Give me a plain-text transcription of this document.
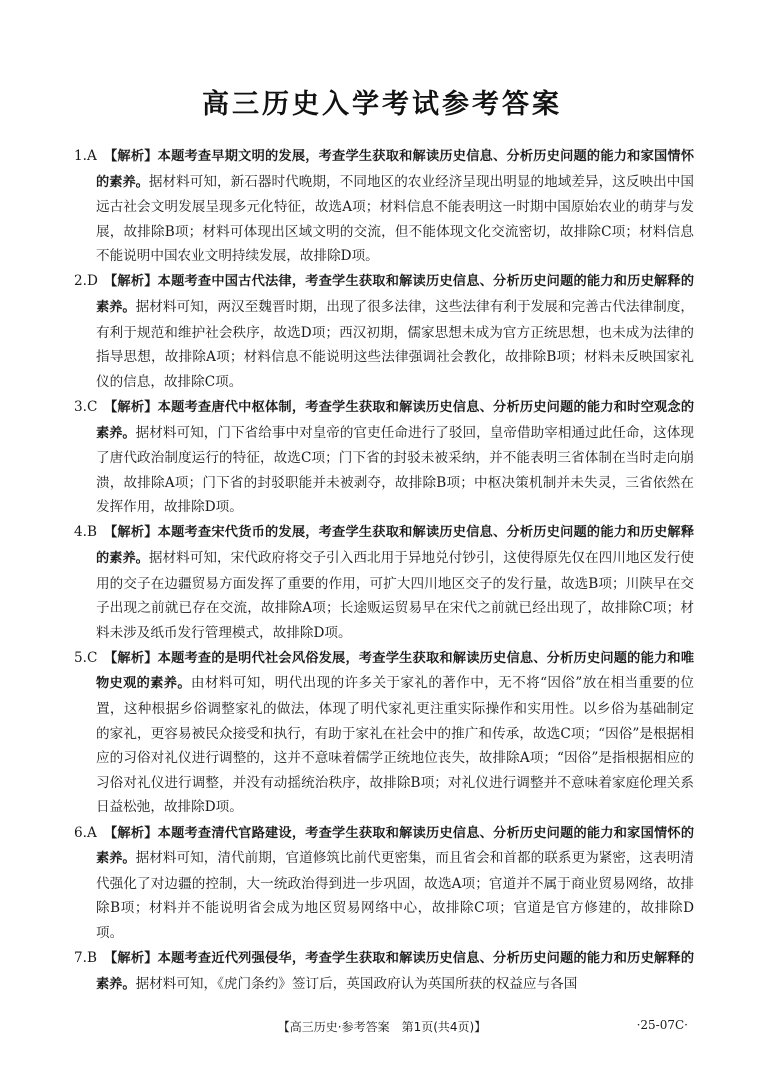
高三历史入学考试参考答案
1.A 【解析】本题考查早期文明的发展，考查学生获取和解读历史信息、分析历史问题的能力和家国情怀的素养。据材料可知，新石器时代晚期，不同地区的农业经济呈现出明显的地域差异，这反映出中国远古社会文明发展呈现多元化特征，故选A项；材料信息不能表明这一时期中国原始农业的萌芽与发展，故排除B项；材料可体现出区域文明的交流，但不能体现文化交流密切，故排除C项；材料信息不能说明中国农业文明持续发展，故排除D项。
2.D 【解析】本题考查中国古代法律，考查学生获取和解读历史信息、分析历史问题的能力和历史解释的素养。据材料可知，两汉至魏晋时期，出现了很多法律，这些法律有利于发展和完善古代法律制度，有利于规范和维护社会秩序，故选D项；西汉初期，儒家思想未成为官方正统思想，也未成为法律的指导思想，故排除A项；材料信息不能说明这些法律强调社会教化，故排除B项；材料未反映国家礼仪的信息，故排除C项。
3.C 【解析】本题考查唐代中枢体制，考查学生获取和解读历史信息、分析历史问题的能力和时空观念的素养。据材料可知，门下省给事中对皇帝的官吏任命进行了驳回，皇帝借助宰相通过此任命，这体现了唐代政治制度运行的特征，故选C项；门下省的封驳未被采纳，并不能表明三省体制在当时走向崩溃，故排除A项；门下省的封驳职能并未被剥夺，故排除B项；中枢决策机制并未失灵，三省依然在发挥作用，故排除D项。
4.B 【解析】本题考查宋代货币的发展，考查学生获取和解读历史信息、分析历史问题的能力和历史解释的素养。据材料可知，宋代政府将交子引入西北用于异地兑付钞引，这使得原先仅在四川地区发行使用的交子在边疆贸易方面发挥了重要的作用，可扩大四川地区交子的发行量，故选B项；川陕早在交子出现之前就已存在交流，故排除A项；长途贩运贸易早在宋代之前就已经出现了，故排除C项；材料未涉及纸币发行管理模式，故排除D项。
5.C 【解析】本题考查的是明代社会风俗发展，考查学生获取和解读历史信息、分析历史问题的能力和唯物史观的素养。由材料可知，明代出现的许多关于家礼的著作中，无不将“因俗”放在相当重要的位置，这种根据乡俗调整家礼的做法，体现了明代家礼更注重实际操作和实用性。以乡俗为基础制定的家礼，更容易被民众接受和执行，有助于家礼在社会中的推广和传承，故选C项；“因俗”是根据相应的习俗对礼仪进行调整的，这并不意味着儒学正统地位丧失，故排除A项；“因俗”是指根据相应的习俗对礼仪进行调整，并没有动摇统治秩序，故排除B项；对礼仪进行调整并不意味着家庭伦理关系日益松弛，故排除D项。
6.A 【解析】本题考查清代官路建设，考查学生获取和解读历史信息、分析历史问题的能力和家国情怀的素养。据材料可知，清代前期，官道修筑比前代更密集，而且省会和首都的联系更为紧密，这表明清代强化了对边疆的控制，大一统政治得到进一步巩固，故选A项；官道并不属于商业贸易网络，故排除B项；材料并不能说明省会成为地区贸易网络中心，故排除C项；官道是官方修建的，故排除D项。
7.B 【解析】本题考查近代列强侵华，考查学生获取和解读历史信息、分析历史问题的能力和历史解释的素养。据材料可知，《虎门条约》签订后，英国政府认为英国所获的权益应与各国
【高三历史·参考答案　第1页(共4页)】	·25-07C·
